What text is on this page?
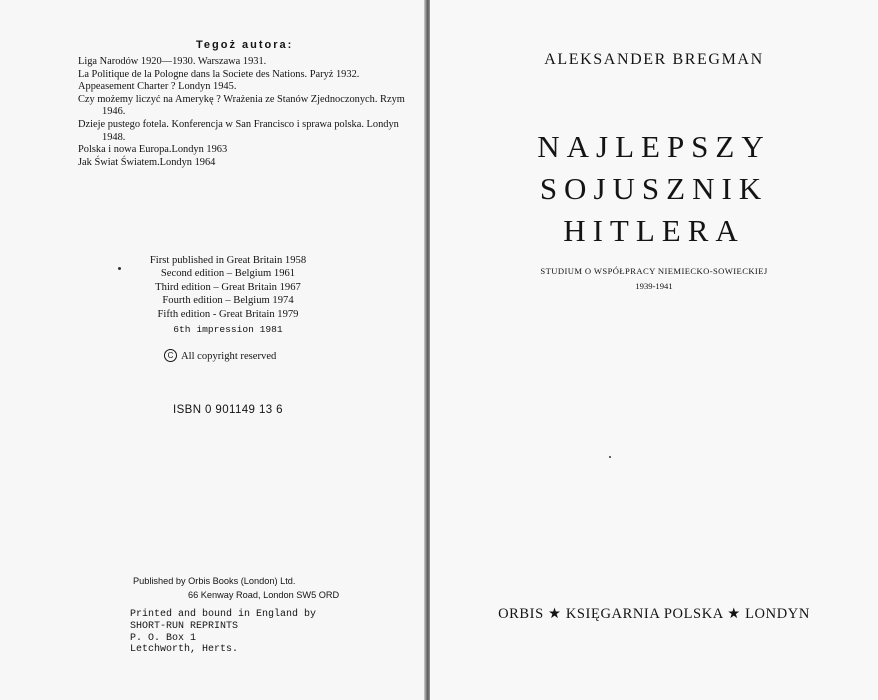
Tegoż autora:
Liga Narodów 1920—1930. Warszawa 1931.
La Politique de la Pologne dans la Societe des Nations. Paryż 1932.
Appeasement Charter ? Londyn 1945.
Czy możemy liczyć na Amerykę ? Wrażenia ze Stanów Zjednoczonych. Rzym 1946.
Dzieje pustego fotela. Konferencja w San Francisco i sprawa polska. Londyn 1948.
Polska i nowa Europa.Londyn 1963
Jak Świat Światem.Londyn 1964
First published in Great Britain 1958
Second edition – Belgium 1961
Third edition – Great Britain 1967
Fourth edition – Belgium 1974
Fifth edition - Great Britain 1979
6th impression 1981
C All copyright reserved
ISBN 0 901149 13 6
Published by Orbis Books (London) Ltd.
66 Kenway Road, London SW5 ORD
Printed and bound in England by
SHORT-RUN REPRINTS
P. O. Box 1
Letchworth, Herts.
ALEKSANDER BREGMAN
NAJLEPSZY
SOJUSZNIK
HITLERA
STUDIUM O WSPÓŁPRACY NIEMIECKO-SOWIECKIEJ
1939-1941
ORBIS ★ KSIĘGARNIA POLSKA ★ LONDYN
